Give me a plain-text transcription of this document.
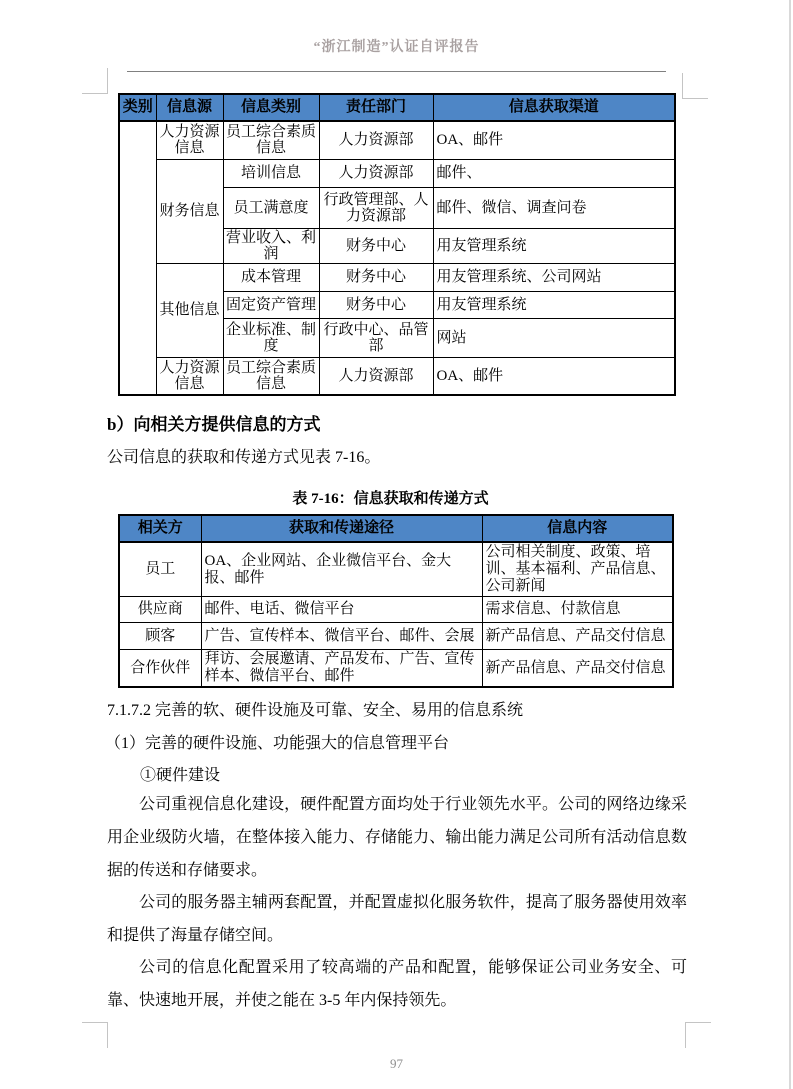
“浙江制造”认证自评报告
类别	信息源	信息类别	责任部门	信息获取渠道
	人力资源信息	员工综合素质信息	人力资源部	OA、邮件
	财务信息	培训信息	人力资源部	邮件、
		员工满意度	行政管理部、人力资源部	邮件、微信、调查问卷
		营业收入、利润	财务中心	用友管理系统
	其他信息	成本管理	财务中心	用友管理系统、公司网站
		固定资产管理	财务中心	用友管理系统
		企业标准、制度	行政中心、品管部	网站
	人力资源信息	员工综合素质信息	人力资源部	OA、邮件
b）向相关方提供信息的方式
公司信息的获取和传递方式见表 7-16。
表 7-16：信息获取和传递方式
相关方	获取和传递途径	信息内容
员工	OA、企业网站、企业微信平台、金大报、邮件	公司相关制度、政策、培训、基本福利、产品信息、公司新闻
供应商	邮件、电话、微信平台	需求信息、付款信息
顾客	广告、宣传样本、微信平台、邮件、会展	新产品信息、产品交付信息
合作伙伴	拜访、会展邀请、产品发布、广告、宣传样本、微信平台、邮件	新产品信息、产品交付信息
7.1.7.2 完善的软、硬件设施及可靠、安全、易用的信息系统
（1）完善的硬件设施、功能强大的信息管理平台
①硬件建设
公司重视信息化建设，硬件配置方面均处于行业领先水平。公司的网络边缘采用企业级防火墙，在整体接入能力、存储能力、输出能力满足公司所有活动信息数据的传送和存储要求。
公司的服务器主辅两套配置，并配置虚拟化服务软件，提高了服务器使用效率和提供了海量存储空间。
公司的信息化配置采用了较高端的产品和配置，能够保证公司业务安全、可靠、快速地开展，并使之能在 3-5 年内保持领先。
97
